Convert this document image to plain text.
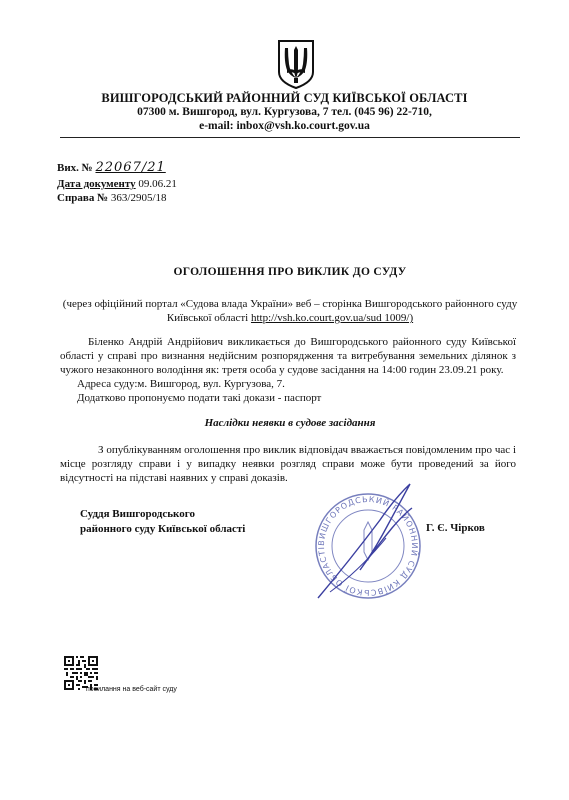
ВИШГОРОДСЬКИЙ РАЙОННИЙ СУД КИЇВСЬКОЇ ОБЛАСТІ
07300 м. Вишгород, вул. Кургузова, 7 тел. (045 96) 22-710,
e-mail: inbox@vsh.ko.court.gov.ua
Вих. № 22067/21
Дата документу 09.06.21
Справа № 363/2905/18
ОГОЛОШЕННЯ ПРО ВИКЛИК ДО СУДУ
(через офіційний портал «Судова влада України» веб – сторінка Вишгородського районного суду
Київської області http://vsh.ko.court.gov.ua/sud 1009/)
Біленко Андрій Андрійович викликається до Вишгородського районного суду Київської
області у справі про визнання недійсним розпорядження та витребування земельних ділянок з
чужого незаконного володіння як: третя особа у судове засідання на 14:00 годин 23.09.21 року.
Адреса суду:м. Вишгород, вул. Кургузова, 7.
Додатково пропонуємо подати такі докази - паспорт
Наслідки неявки в судове засідання
З опублікуванням оголошення про виклик відповідач вважається повідомленим про час і
місце розгляду справи і у випадку неявки розгляд справи може бути проведений за його
відсутності на підставі наявних у справі доказів.
Суддя Вишгородського
районного суду Київської області	Г. Є. Чірков
ВИШГОРОДСЬКИЙ РАЙОННИЙ СУД КИЇВСЬКОЇ ОБЛАСТІ
посилання на веб-сайт суду
